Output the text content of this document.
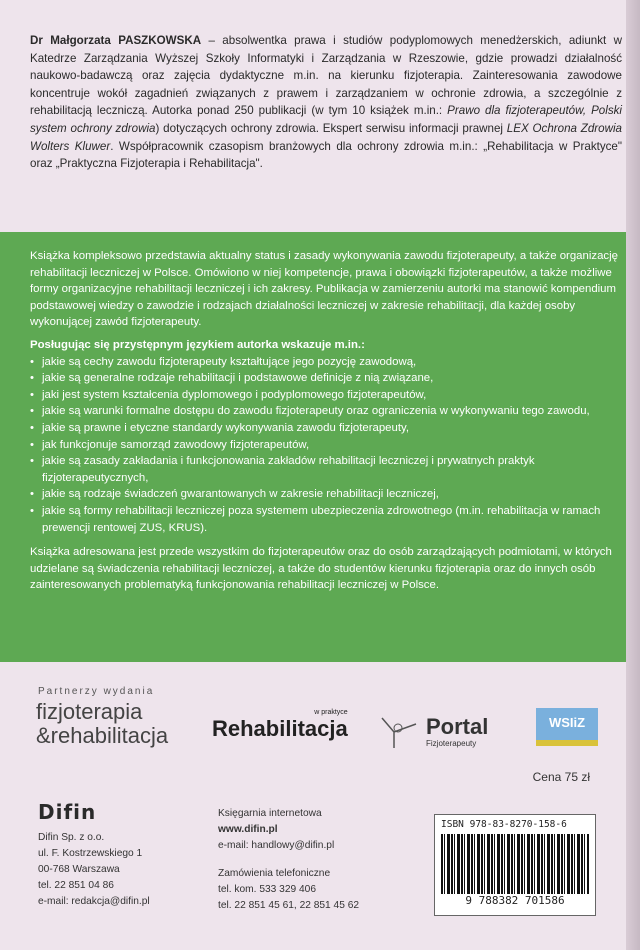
Dr Małgorzata PASZKOWSKA – absolwentka prawa i studiów podyplomowych menedżerskich, adiunkt w Katedrze Zarządzania Wyższej Szkoły Informatyki i Zarządzania w Rzeszowie, gdzie prowadzi działalność naukowo-badawczą oraz zajęcia dydaktyczne m.in. na kierunku fizjoterapia. Zainteresowania zawodowe koncentruje wokół zagadnień związanych z prawem i zarządzaniem w ochronie zdrowia, a szczególnie z rehabilitacją leczniczą. Autorka ponad 250 publikacji (w tym 10 książek m.in.: Prawo dla fizjoterapeutów, Polski system ochrony zdrowia) dotyczących ochrony zdrowia. Ekspert serwisu informacji prawnej LEX Ochrona Zdrowia Wolters Kluwer. Współpracownik czasopism branżowych dla ochrony zdrowia m.in.: „Rehabilitacja w Praktyce" oraz „Praktyczna Fizjoterapia i Rehabilitacja".

Książka kompleksowo przedstawia aktualny status i zasady wykonywania zawodu fizjoterapeuty, a także organizację rehabilitacji leczniczej w Polsce. Omówiono w niej kompetencje, prawa i obowiązki fizjoterapeutów, a także możliwe formy organizacyjne rehabilitacji leczniczej i ich zakresy. Publikacja w zamierzeniu autorki ma stanowić kompendium podstawowej wiedzy o zawodzie i rodzajach działalności leczniczej w zakresie rehabilitacji, dla każdej osoby wykonującej zawód fizjoterapeuty.

Posługując się przystępnym językiem autorka wskazuje m.in.:
• jakie są cechy zawodu fizjoterapeuty kształtujące jego pozycję zawodową,
• jakie są generalne rodzaje rehabilitacji i podstawowe definicje z nią związane,
• jaki jest system kształcenia dyplomowego i podyplomowego fizjoterapeutów,
• jakie są warunki formalne dostępu do zawodu fizjoterapeuty oraz ograniczenia w wykonywaniu tego zawodu,
• jakie są prawne i etyczne standardy wykonywania zawodu fizjoterapeuty,
• jak funkcjonuje samorząd zawodowy fizjoterapeutów,
• jakie są zasady zakładania i funkcjonowania zakładów rehabilitacji leczniczej i prywatnych praktyk fizjoterapeutycznych,
• jakie są rodzaje świadczeń gwarantowanych w zakresie rehabilitacji leczniczej,
• jakie są formy rehabilitacji leczniczej poza systemem ubezpieczenia zdrowotnego (m.in. rehabilitacja w ramach prewencji rentowej ZUS, KRUS).

Książka adresowana jest przede wszystkim do fizjoterapeutów oraz do osób zarządzających podmiotami, w których udzielane są świadczenia rehabilitacji leczniczej, a także do studentów kierunku fizjoterapia oraz do innych osób zainteresowanych problematyką funkcjonowania rehabilitacji leczniczej w Polsce.

Partnerzy wydania
fizjoterapia
&rehabilitacja
w praktyce
Rehabilitacja	Portal
Fizjoterapeuty
WSIiZ
Cena 75 zł
Difin
Difin Sp. z o.o.
ul. F. Kostrzewskiego 1
00-768 Warszawa
tel. 22 851 04 86
e-mail: redakcja@difin.pl
Księgarnia internetowa
www.difin.pl
e-mail: handlowy@difin.pl
Zamówienia telefoniczne
tel. kom. 533 329 406
tel. 22 851 45 61, 22 851 45 62
ISBN 978-83-8270-158-6
9 788382 701586
